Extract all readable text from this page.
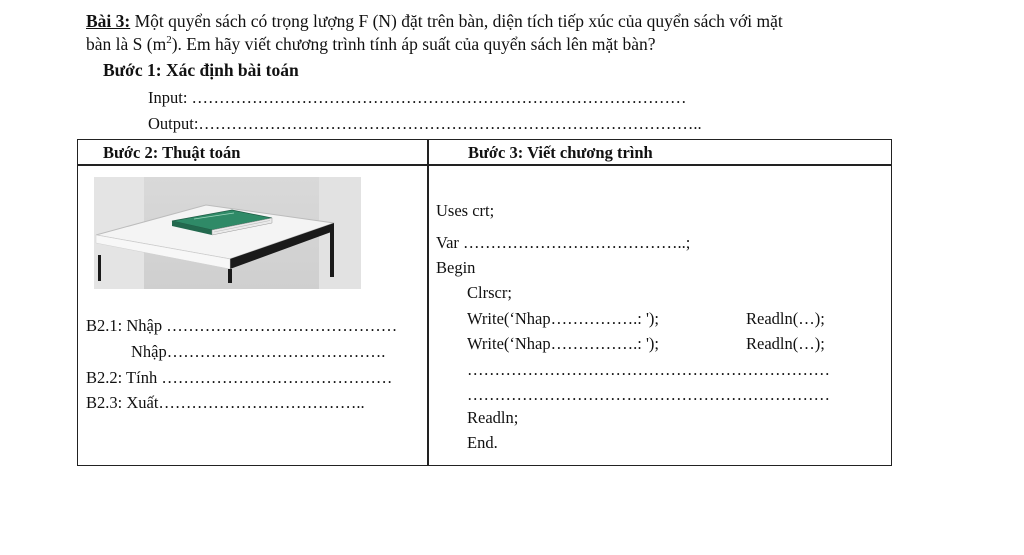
Bài 3: Một quyển sách có trọng lượng F (N) đặt trên bàn, diện tích tiếp xúc của quyển sách với mặt
bàn là S $(m^2)$. Em hãy viết chương trình tính áp suất của quyển sách lên mặt bàn?
Bước 1: Xác định bài toán
Input: ………………………………………………………………………………
Output:………………………………………………………………………………..
Bước 2: Thuật toán	Bước 3: Viết chương trình
B2.1: Nhập ……………………………………
Nhập………………………………….
B2.2: Tính ……………………………………
B2.3: Xuất………………………………..
Uses crt;
Var …………………………………..;
Begin
Clrscr;
Write(‘Nhap…………….: ');	Readln(…);
Write(‘Nhap…………….: ');	Readln(…);
…………………………………………………………
…………………………………………………………
Readln;
End.
